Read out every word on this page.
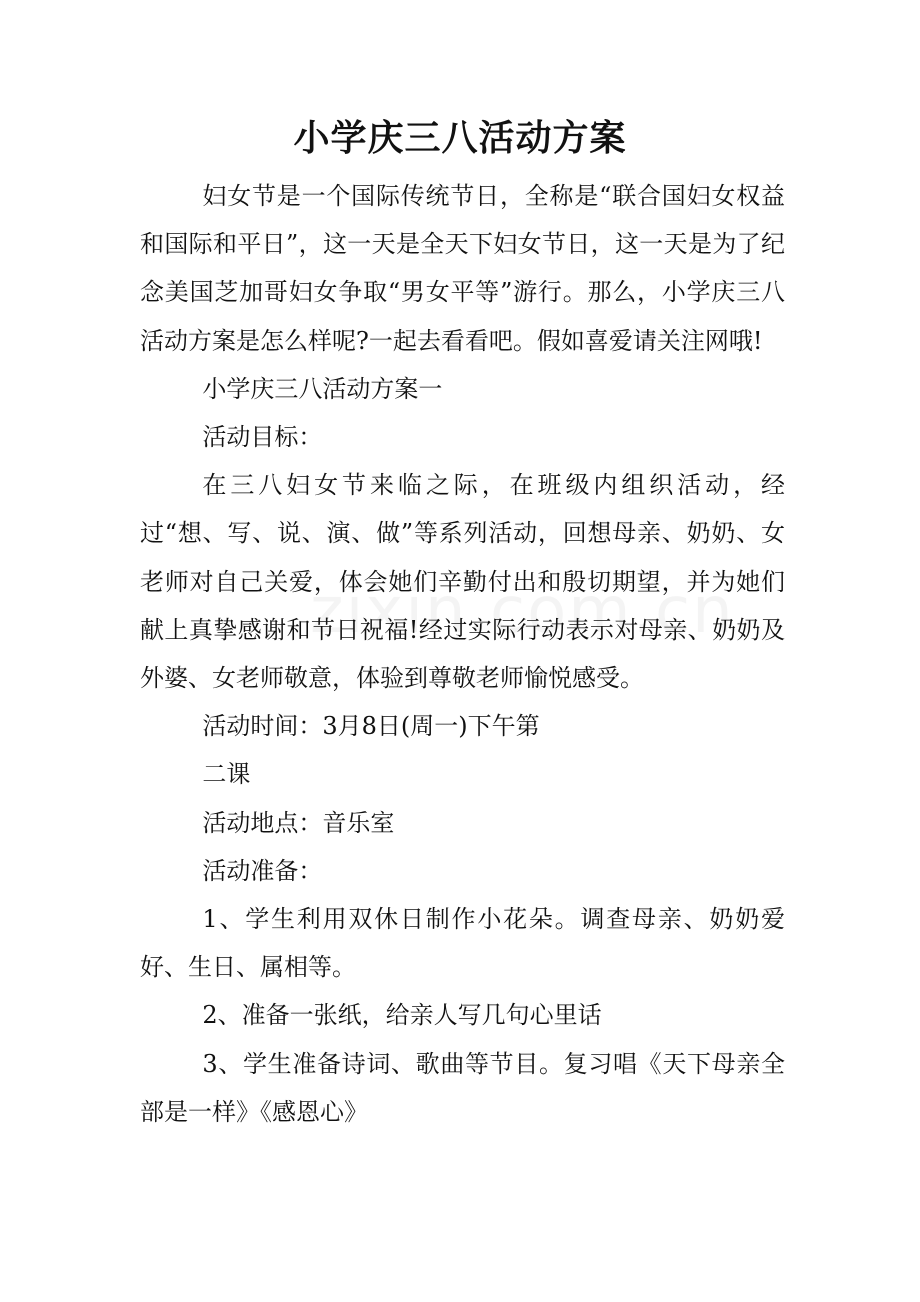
小学庆三八活动方案

妇女节是一个国际传统节日，全称是“联合国妇女权益和国际和平日”，这一天是全天下妇女节日，这一天是为了纪念美国芝加哥妇女争取“男女平等”游行。那么，小学庆三八活动方案是怎么样呢?一起去看看吧。假如喜爱请关注网哦!

小学庆三八活动方案一

活动目标：

在三八妇女节来临之际，在班级内组织活动，经过“想、写、说、演、做”等系列活动，回想母亲、奶奶、女老师对自己关爱，体会她们辛勤付出和殷切期望，并为她们献上真挚感谢和节日祝福!经过实际行动表示对母亲、奶奶及外婆、女老师敬意，体验到尊敬老师愉悦感受。

活动时间：3月8日(周一)下午第

二课

活动地点：音乐室

活动准备：

1、学生利用双休日制作小花朵。调查母亲、奶奶爱好、生日、属相等。

2、准备一张纸，给亲人写几句心里话

3、学生准备诗词、歌曲等节目。复习唱《天下母亲全部是一样》《感恩心》
